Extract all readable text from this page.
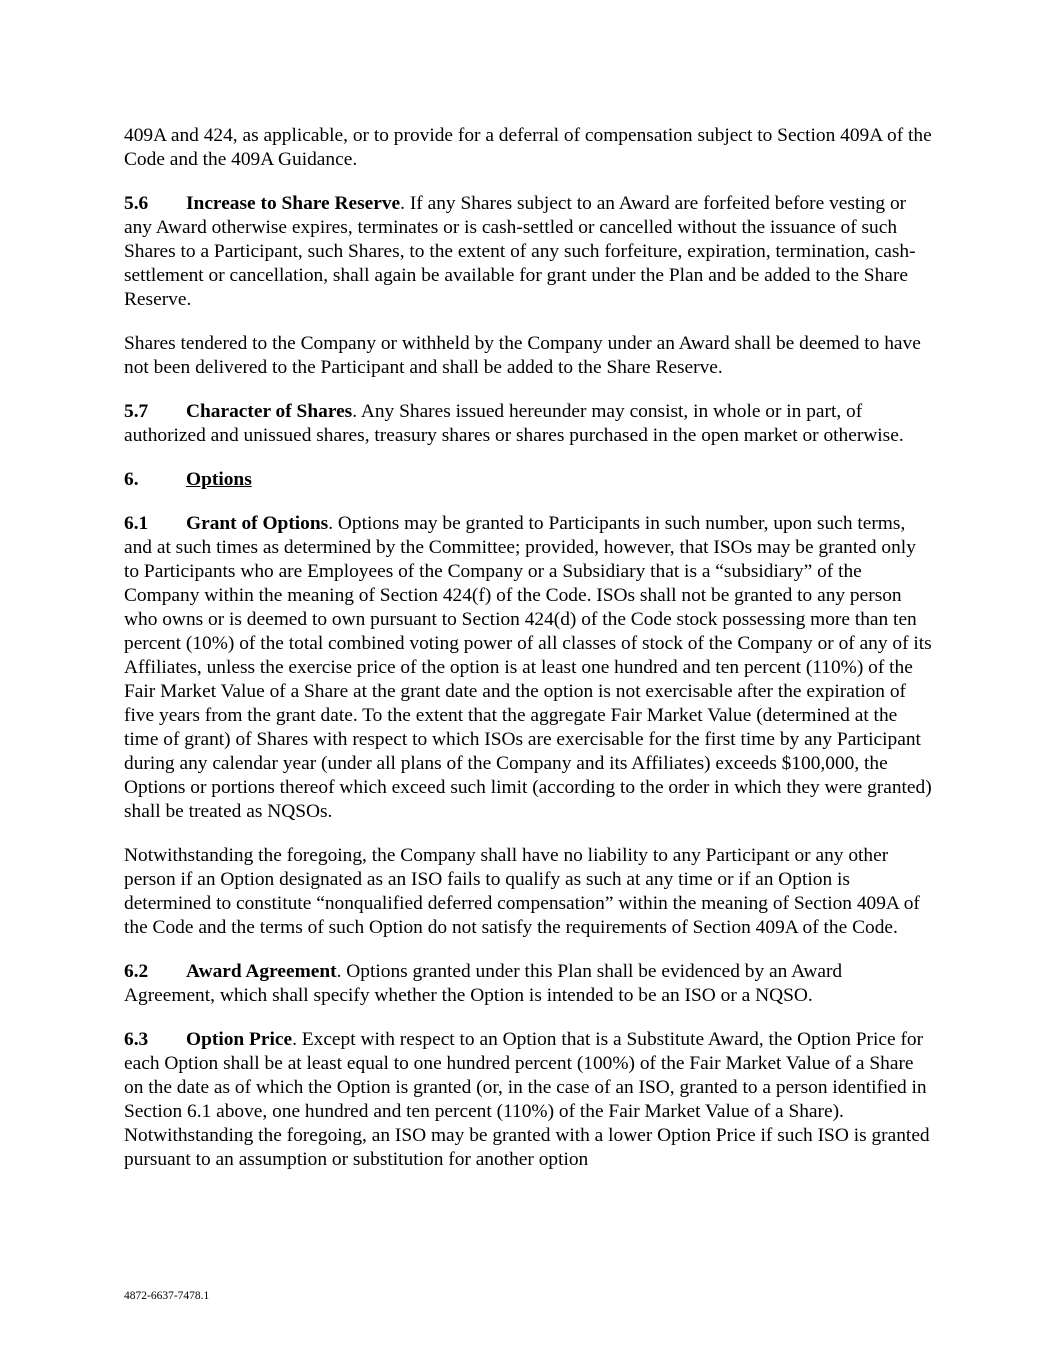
409A and 424, as applicable, or to provide for a deferral of compensation subject to Section 409A of the Code and the 409A Guidance.

5.6 Increase to Share Reserve. If any Shares subject to an Award are forfeited before vesting or any Award otherwise expires, terminates or is cash-settled or cancelled without the issuance of such Shares to a Participant, such Shares, to the extent of any such forfeiture, expiration, termination, cash-settlement or cancellation, shall again be available for grant under the Plan and be added to the Share Reserve.

Shares tendered to the Company or withheld by the Company under an Award shall be deemed to have not been delivered to the Participant and shall be added to the Share Reserve.

5.7 Character of Shares. Any Shares issued hereunder may consist, in whole or in part, of authorized and unissued shares, treasury shares or shares purchased in the open market or otherwise.

6. Options

6.1 Grant of Options. Options may be granted to Participants in such number, upon such terms, and at such times as determined by the Committee; provided, however, that ISOs may be granted only to Participants who are Employees of the Company or a Subsidiary that is a “subsidiary” of the Company within the meaning of Section 424(f) of the Code. ISOs shall not be granted to any person who owns or is deemed to own pursuant to Section 424(d) of the Code stock possessing more than ten percent (10%) of the total combined voting power of all classes of stock of the Company or of any of its Affiliates, unless the exercise price of the option is at least one hundred and ten percent (110%) of the Fair Market Value of a Share at the grant date and the option is not exercisable after the expiration of five years from the grant date. To the extent that the aggregate Fair Market Value (determined at the time of grant) of Shares with respect to which ISOs are exercisable for the first time by any Participant during any calendar year (under all plans of the Company and its Affiliates) exceeds $100,000, the Options or portions thereof which exceed such limit (according to the order in which they were granted) shall be treated as NQSOs.

Notwithstanding the foregoing, the Company shall have no liability to any Participant or any other person if an Option designated as an ISO fails to qualify as such at any time or if an Option is determined to constitute “nonqualified deferred compensation” within the meaning of Section 409A of the Code and the terms of such Option do not satisfy the requirements of Section 409A of the Code.

6.2 Award Agreement. Options granted under this Plan shall be evidenced by an Award Agreement, which shall specify whether the Option is intended to be an ISO or a NQSO.

6.3 Option Price. Except with respect to an Option that is a Substitute Award, the Option Price for each Option shall be at least equal to one hundred percent (100%) of the Fair Market Value of a Share on the date as of which the Option is granted (or, in the case of an ISO, granted to a person identified in Section 6.1 above, one hundred and ten percent (110%) of the Fair Market Value of a Share). Notwithstanding the foregoing, an ISO may be granted with a lower Option Price if such ISO is granted pursuant to an assumption or substitution for another option

4872-6637-7478.1
